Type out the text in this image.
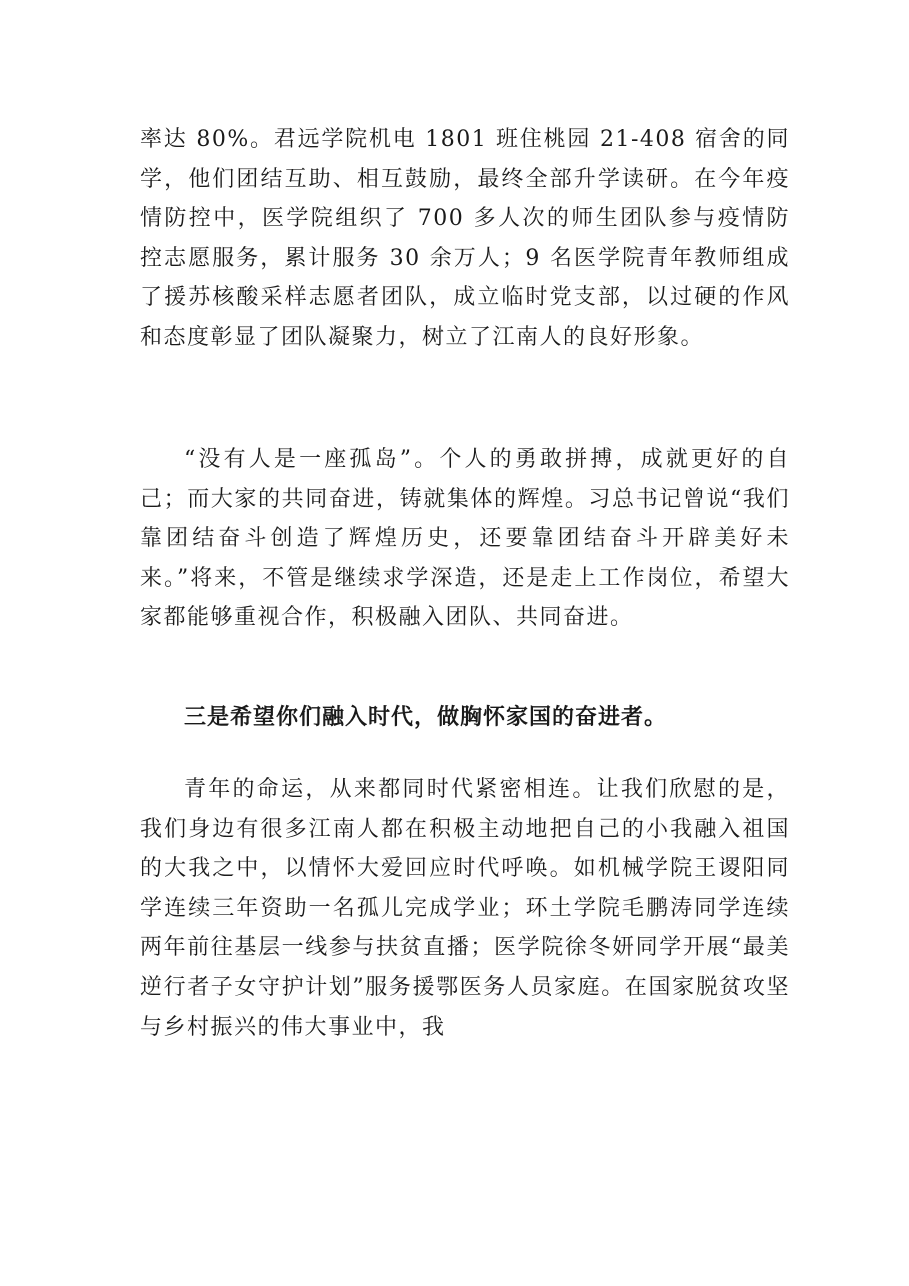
率达 80%。君远学院机电 1801 班住桃园 21-408 宿舍的同学，他们团结互助、相互鼓励，最终全部升学读研。在今年疫情防控中，医学院组织了 700 多人次的师生团队参与疫情防控志愿服务，累计服务 30 余万人；9 名医学院青年教师组成了援苏核酸采样志愿者团队，成立临时党支部，以过硬的作风和态度彰显了团队凝聚力，树立了江南人的良好形象。

“没有人是一座孤岛”。个人的勇敢拼搏，成就更好的自己；而大家的共同奋进，铸就集体的辉煌。习总书记曾说“我们靠团结奋斗创造了辉煌历史，还要靠团结奋斗开辟美好未来。”将来，不管是继续求学深造，还是走上工作岗位，希望大家都能够重视合作，积极融入团队、共同奋进。

三是希望你们融入时代，做胸怀家国的奋进者。

青年的命运，从来都同时代紧密相连。让我们欣慰的是，我们身边有很多江南人都在积极主动地把自己的小我融入祖国的大我之中，以情怀大爱回应时代呼唤。如机械学院王谡阳同学连续三年资助一名孤儿完成学业；环土学院毛鹏涛同学连续两年前往基层一线参与扶贫直播；医学院徐冬妍同学开展“最美逆行者子女守护计划”服务援鄂医务人员家庭。在国家脱贫攻坚与乡村振兴的伟大事业中，我
